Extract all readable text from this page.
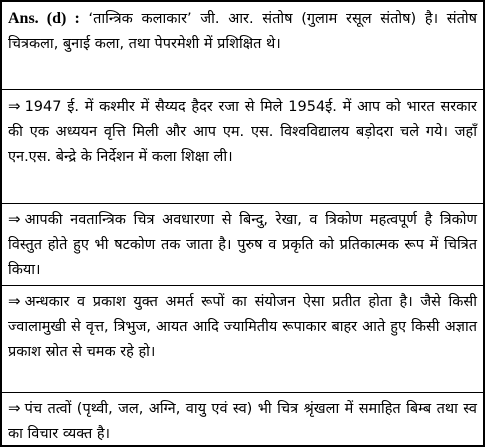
Ans. (d) : ‘तान्त्रिक कलाकार’ जी. आर. संतोष (गुलाम रसूल संतोष) है। संतोष चित्रकला, बुनाई कला, तथा पेपरमेशी में प्रशिक्षित थे।
⇒ 1947 ई. में कश्मीर में सैय्यद हैदर रजा से मिले 1954ई. में आप को भारत सरकार की एक अध्ययन वृत्ति मिली और आप एम. एस. विश्वविद्यालय बड़ोदरा चले गये। जहाँ एन.एस. बेन्द्रे के निर्देशन में कला शिक्षा ली।
⇒ आपकी नवतान्त्रिक चित्र अवधारणा से बिन्दु, रेखा, व त्रिकोण महत्वपूर्ण है त्रिकोण विस्तुत होते हुए भी षटकोण तक जाता है। पुरुष व प्रकृति को प्रतिकात्मक रूप में चित्रित किया।
⇒ अन्धकार व प्रकाश युक्त अमर्त रूपों का संयोजन ऐसा प्रतीत होता है। जैसे किसी ज्वालामुखी से वृत्त, त्रिभुज, आयत आदि ज्यामितीय रूपाकार बाहर आते हुए किसी अज्ञात प्रकाश स्रोत से चमक रहे हो।
⇒ पंच तत्वों (पृथ्वी, जल, अग्नि, वायु एवं स्व) भी चित्र श्रृंखला में समाहित बिम्ब तथा स्व का विचार व्यक्त है।
